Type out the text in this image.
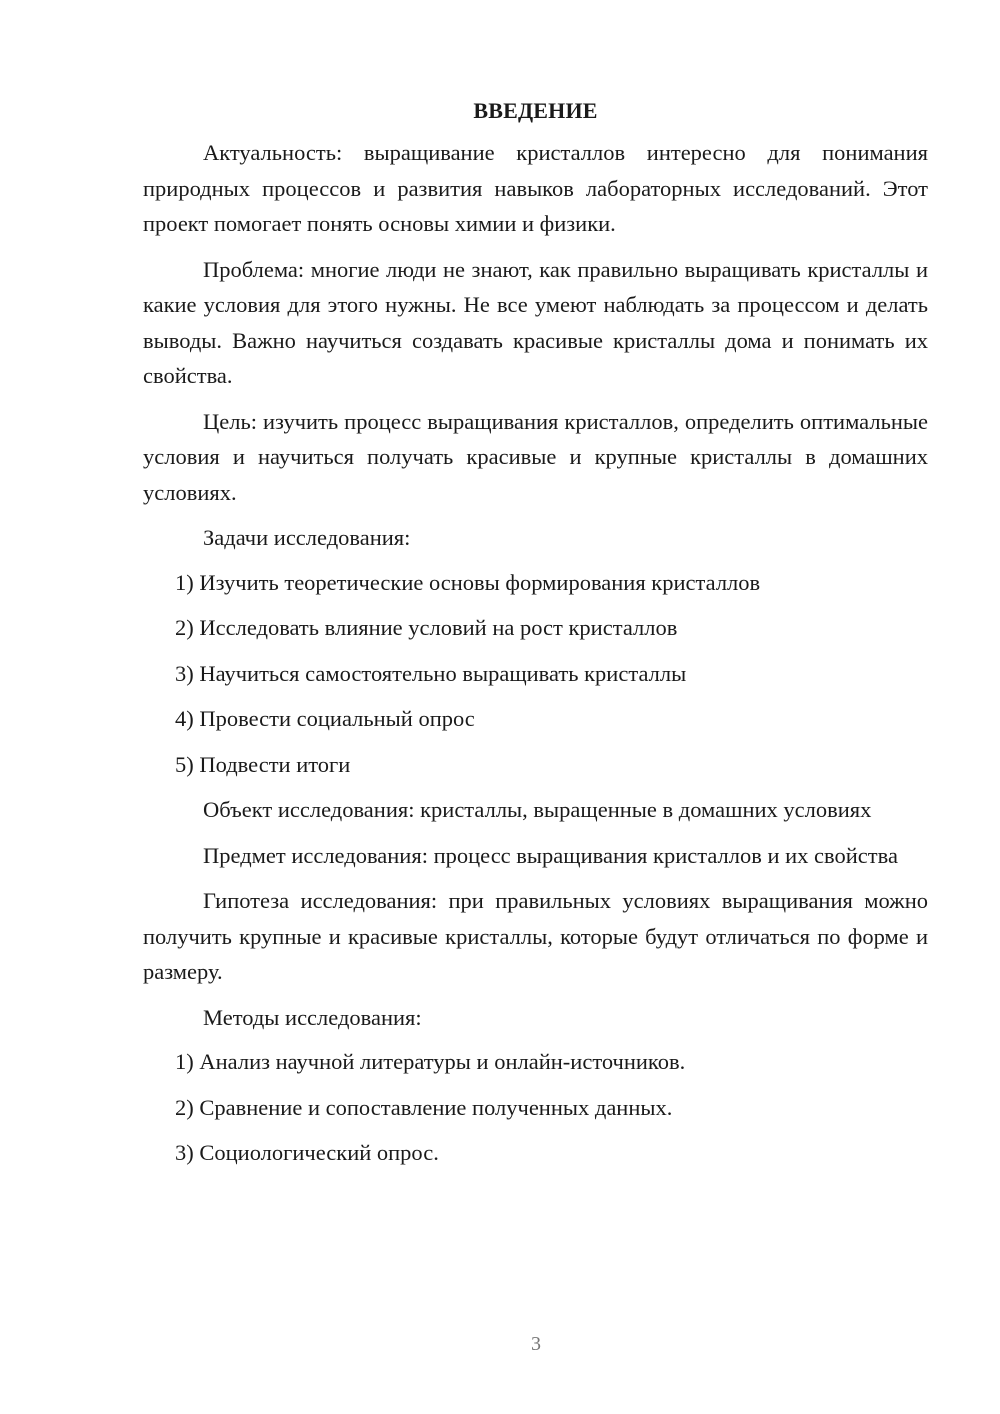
ВВЕДЕНИЕ

Актуальность: выращивание кристаллов интересно для понимания природных процессов и развития навыков лабораторных исследований. Этот проект помогает понять основы химии и физики.

Проблема: многие люди не знают, как правильно выращивать кристаллы и какие условия для этого нужны. Не все умеют наблюдать за процессом и делать выводы. Важно научиться создавать красивые кристаллы дома и понимать их свойства.

Цель: изучить процесс выращивания кристаллов, определить оптимальные условия и научиться получать красивые и крупные кристаллы в домашних условиях.

Задачи исследования:
1) Изучить теоретические основы формирования кристаллов
2) Исследовать влияние условий на рост кристаллов
3) Научиться самостоятельно выращивать кристаллы
4) Провести социальный опрос
5) Подвести итоги

Объект исследования: кристаллы, выращенные в домашних условиях

Предмет исследования: процесс выращивания кристаллов и их свойства

Гипотеза исследования: при правильных условиях выращивания можно получить крупные и красивые кристаллы, которые будут отличаться по форме и размеру.

Методы исследования:
1) Анализ научной литературы и онлайн-источников.
2) Сравнение и сопоставление полученных данных.
3) Социологический опрос.
3
